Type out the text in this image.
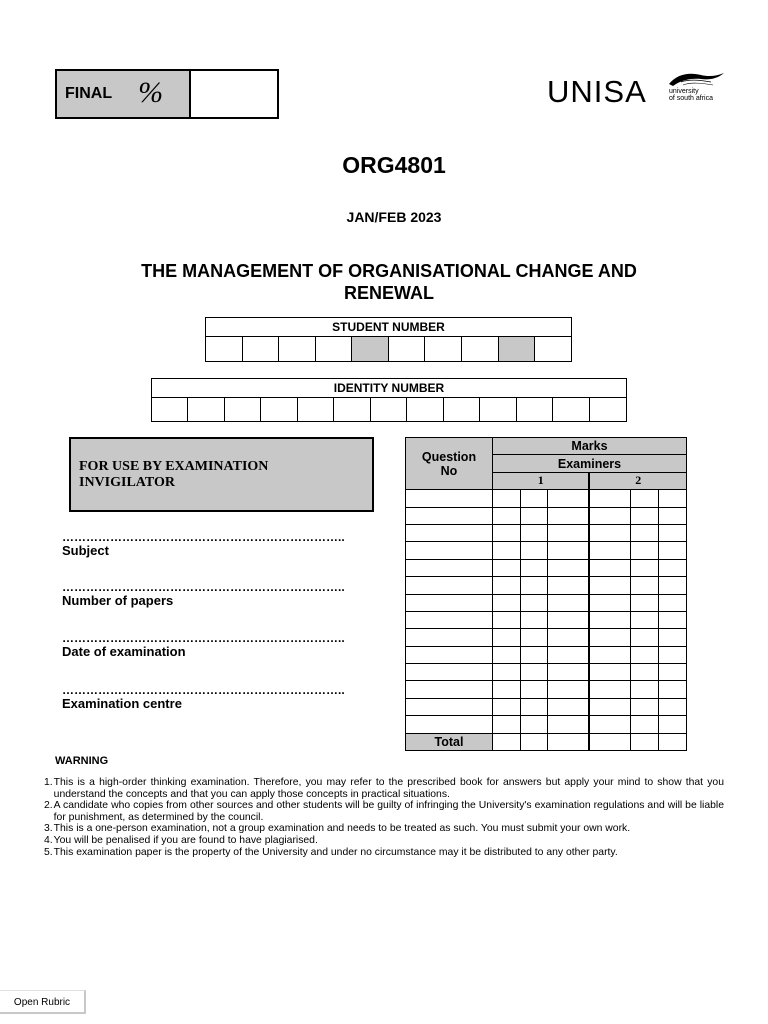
FINAL %	UNISA	university
of south africa
ORG4801
JAN/FEB 2023
THE MANAGEMENT OF ORGANISATIONAL CHANGE AND RENEWAL
STUDENT NUMBER

IDENTITY NUMBER

FOR USE BY EXAMINATION INVIGILATOR
……………………………………………………………..
Subject
……………………………………………………………..
Number of papers
……………………………………………………………..
Date of examination
……………………………………………………………..
Examination centre
Question No	Marks					
	Examiners					
	1			2		

Total						
WARNING
1. This is a high-order thinking examination. Therefore, you may refer to the prescribed book for answers but apply your mind to show that you understand the concepts and that you can apply those concepts in practical situations.
2. A candidate who copies from other sources and other students will be guilty of infringing the University's examination regulations and will be liable for punishment, as determined by the council.
3. This is a one-person examination, not a group examination and needs to be treated as such. You must submit your own work.
4. You will be penalised if you are found to have plagiarised.
5. This examination paper is the property of the University and under no circumstance may it be distributed to any other party.
Open Rubric
